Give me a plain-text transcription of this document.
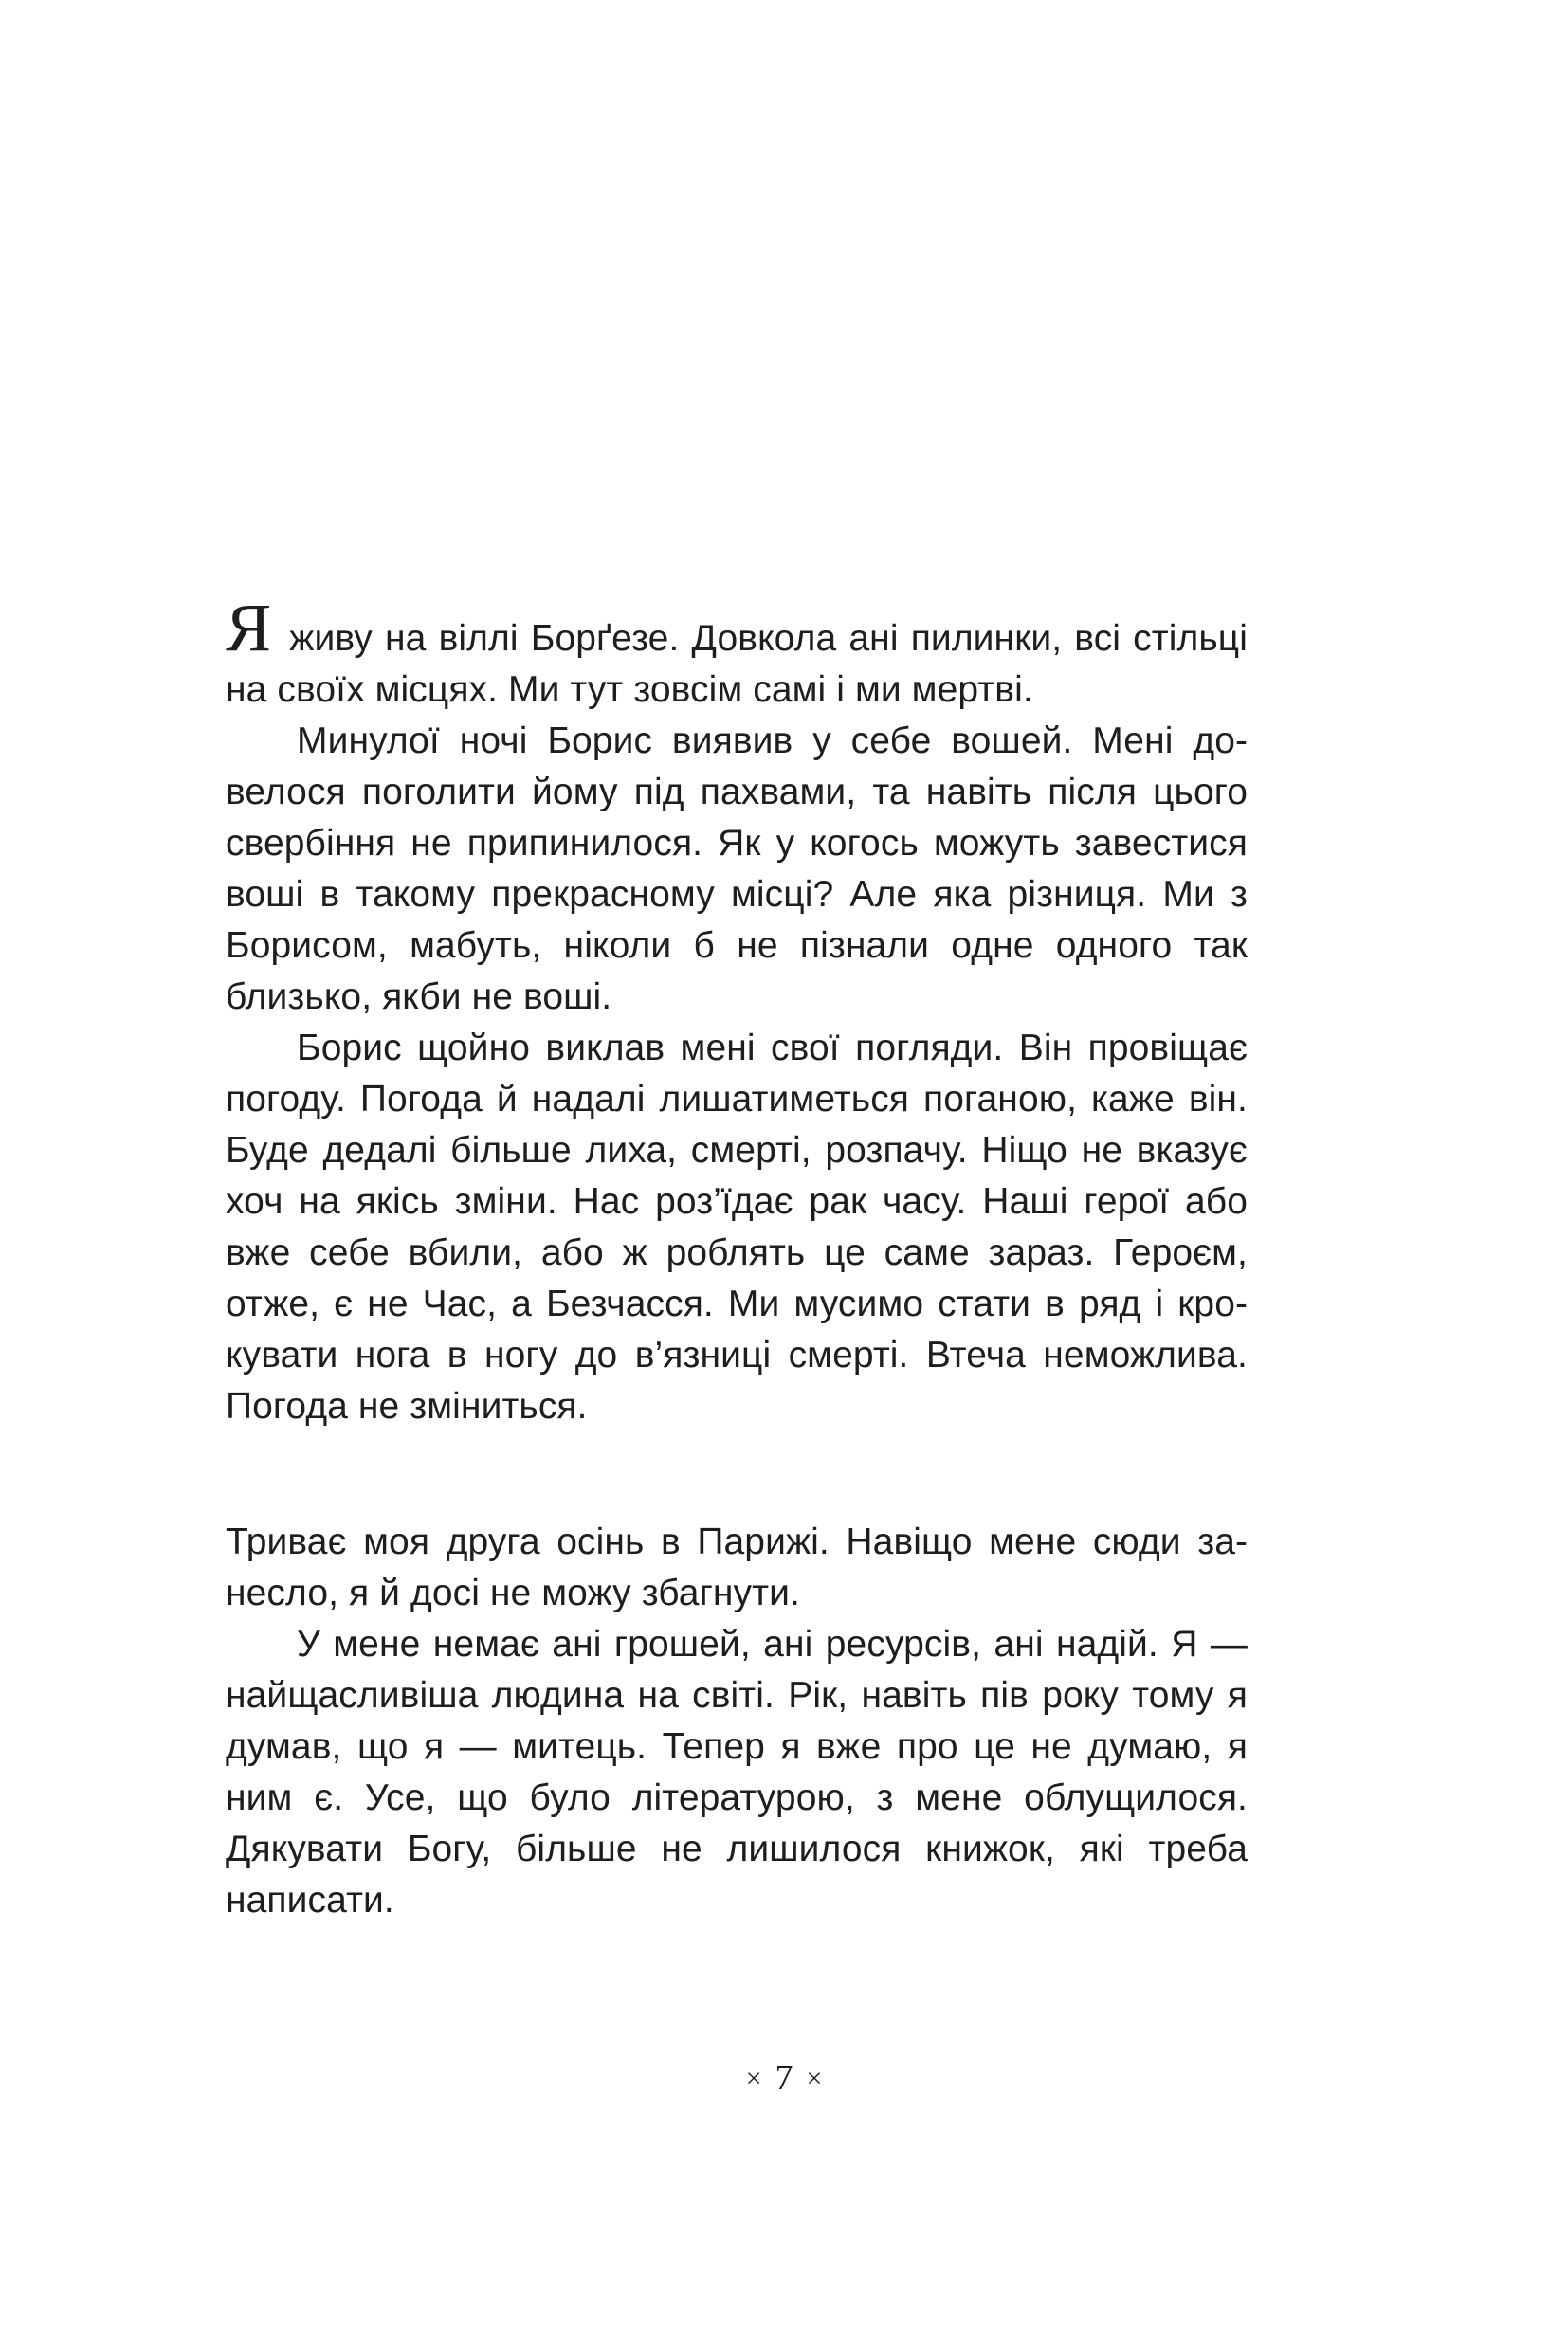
Я живу на віллі Борґезе. Довкола ані пилинки, всі стільці на своїх місцях. Ми тут зовсім самі і ми мертві.

Минулої ночі Борис виявив у себе вошей. Мені довелося поголити йому під пахвами, та навіть після цього свербіння не припинилося. Як у когось можуть завестися воші в такому прекрасному місці? Але яка різниця. Ми з Борисом, мабуть, ніколи б не пізнали одне одного так близько, якби не воші.

Борис щойно виклав мені свої погляди. Він провіщає погоду. Погода й надалі лишатиметься поганою, каже він. Буде дедалі більше лиха, смерті, розпачу. Ніщо не вказує хоч на якісь зміни. Нас роз’їдає рак часу. Наші герої або вже себе вбили, або ж роблять це саме зараз. Героєм, отже, є не Час, а Безчасся. Ми мусимо стати в ряд і крокувати нога в ногу до в’язниці смерті. Втеча неможлива. Погода не зміниться.

Триває моя друга осінь в Парижі. Навіщо мене сюди занесло, я й досі не можу збагнути.

У мене немає ані грошей, ані ресурсів, ані надій. Я — найщасливіша людина на світі. Рік, навіть пів року тому я думав, що я — митець. Тепер я вже про це не думаю, я ним є. Усе, що було літературою, з мене облущилося. Дякувати Богу, більше не лишилося книжок, які треба написати.

× 7 ×
